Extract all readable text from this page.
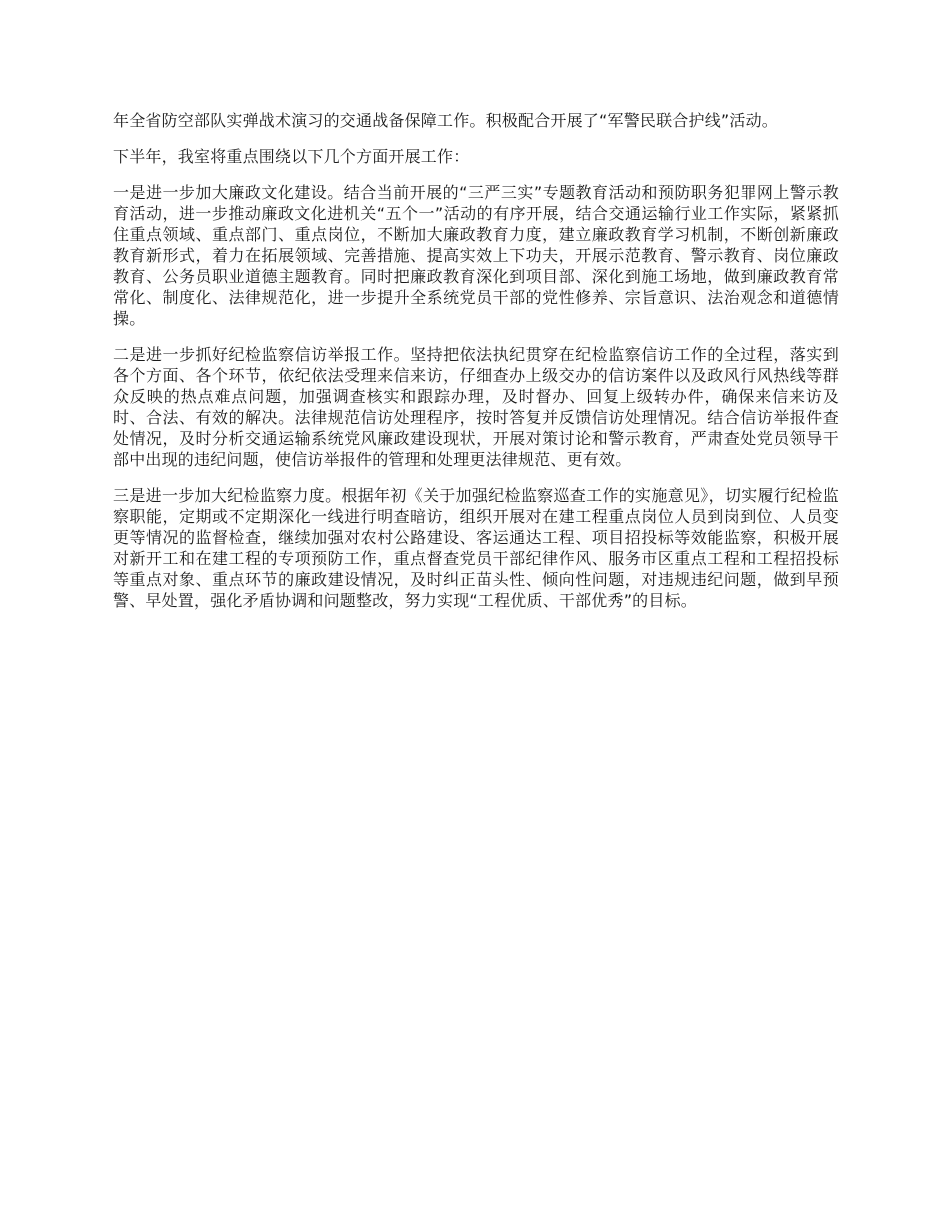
年全省防空部队实弹战术演习的交通战备保障工作。积极配合开展了“军警民联合护线”活动。

下半年，我室将重点围绕以下几个方面开展工作：

一是进一步加大廉政文化建设。结合当前开展的“三严三实”专题教育活动和预防职务犯罪网上警示教育活动，进一步推动廉政文化进机关“五个一”活动的有序开展，结合交通运输行业工作实际，紧紧抓住重点领域、重点部门、重点岗位，不断加大廉政教育力度，建立廉政教育学习机制，不断创新廉政教育新形式，着力在拓展领域、完善措施、提高实效上下功夫，开展示范教育、警示教育、岗位廉政教育、公务员职业道德主题教育。同时把廉政教育深化到项目部、深化到施工场地，做到廉政教育常常化、制度化、法律规范化，进一步提升全系统党员干部的党性修养、宗旨意识、法治观念和道德情操。

二是进一步抓好纪检监察信访举报工作。坚持把依法执纪贯穿在纪检监察信访工作的全过程，落实到各个方面、各个环节，依纪依法受理来信来访，仔细查办上级交办的信访案件以及政风行风热线等群众反映的热点难点问题，加强调查核实和跟踪办理，及时督办、回复上级转办件，确保来信来访及时、合法、有效的解决。法律规范信访处理程序，按时答复并反馈信访处理情况。结合信访举报件查处情况，及时分析交通运输系统党风廉政建设现状，开展对策讨论和警示教育，严肃查处党员领导干部中出现的违纪问题，使信访举报件的管理和处理更法律规范、更有效。

三是进一步加大纪检监察力度。根据年初《关于加强纪检监察巡查工作的实施意见》，切实履行纪检监察职能，定期或不定期深化一线进行明查暗访，组织开展对在建工程重点岗位人员到岗到位、人员变更等情况的监督检查，继续加强对农村公路建设、客运通达工程、项目招投标等效能监察，积极开展对新开工和在建工程的专项预防工作，重点督查党员干部纪律作风、服务市区重点工程和工程招投标等重点对象、重点环节的廉政建设情况，及时纠正苗头性、倾向性问题，对违规违纪问题，做到早预警、早处置，强化矛盾协调和问题整改，努力实现“工程优质、干部优秀”的目标。
